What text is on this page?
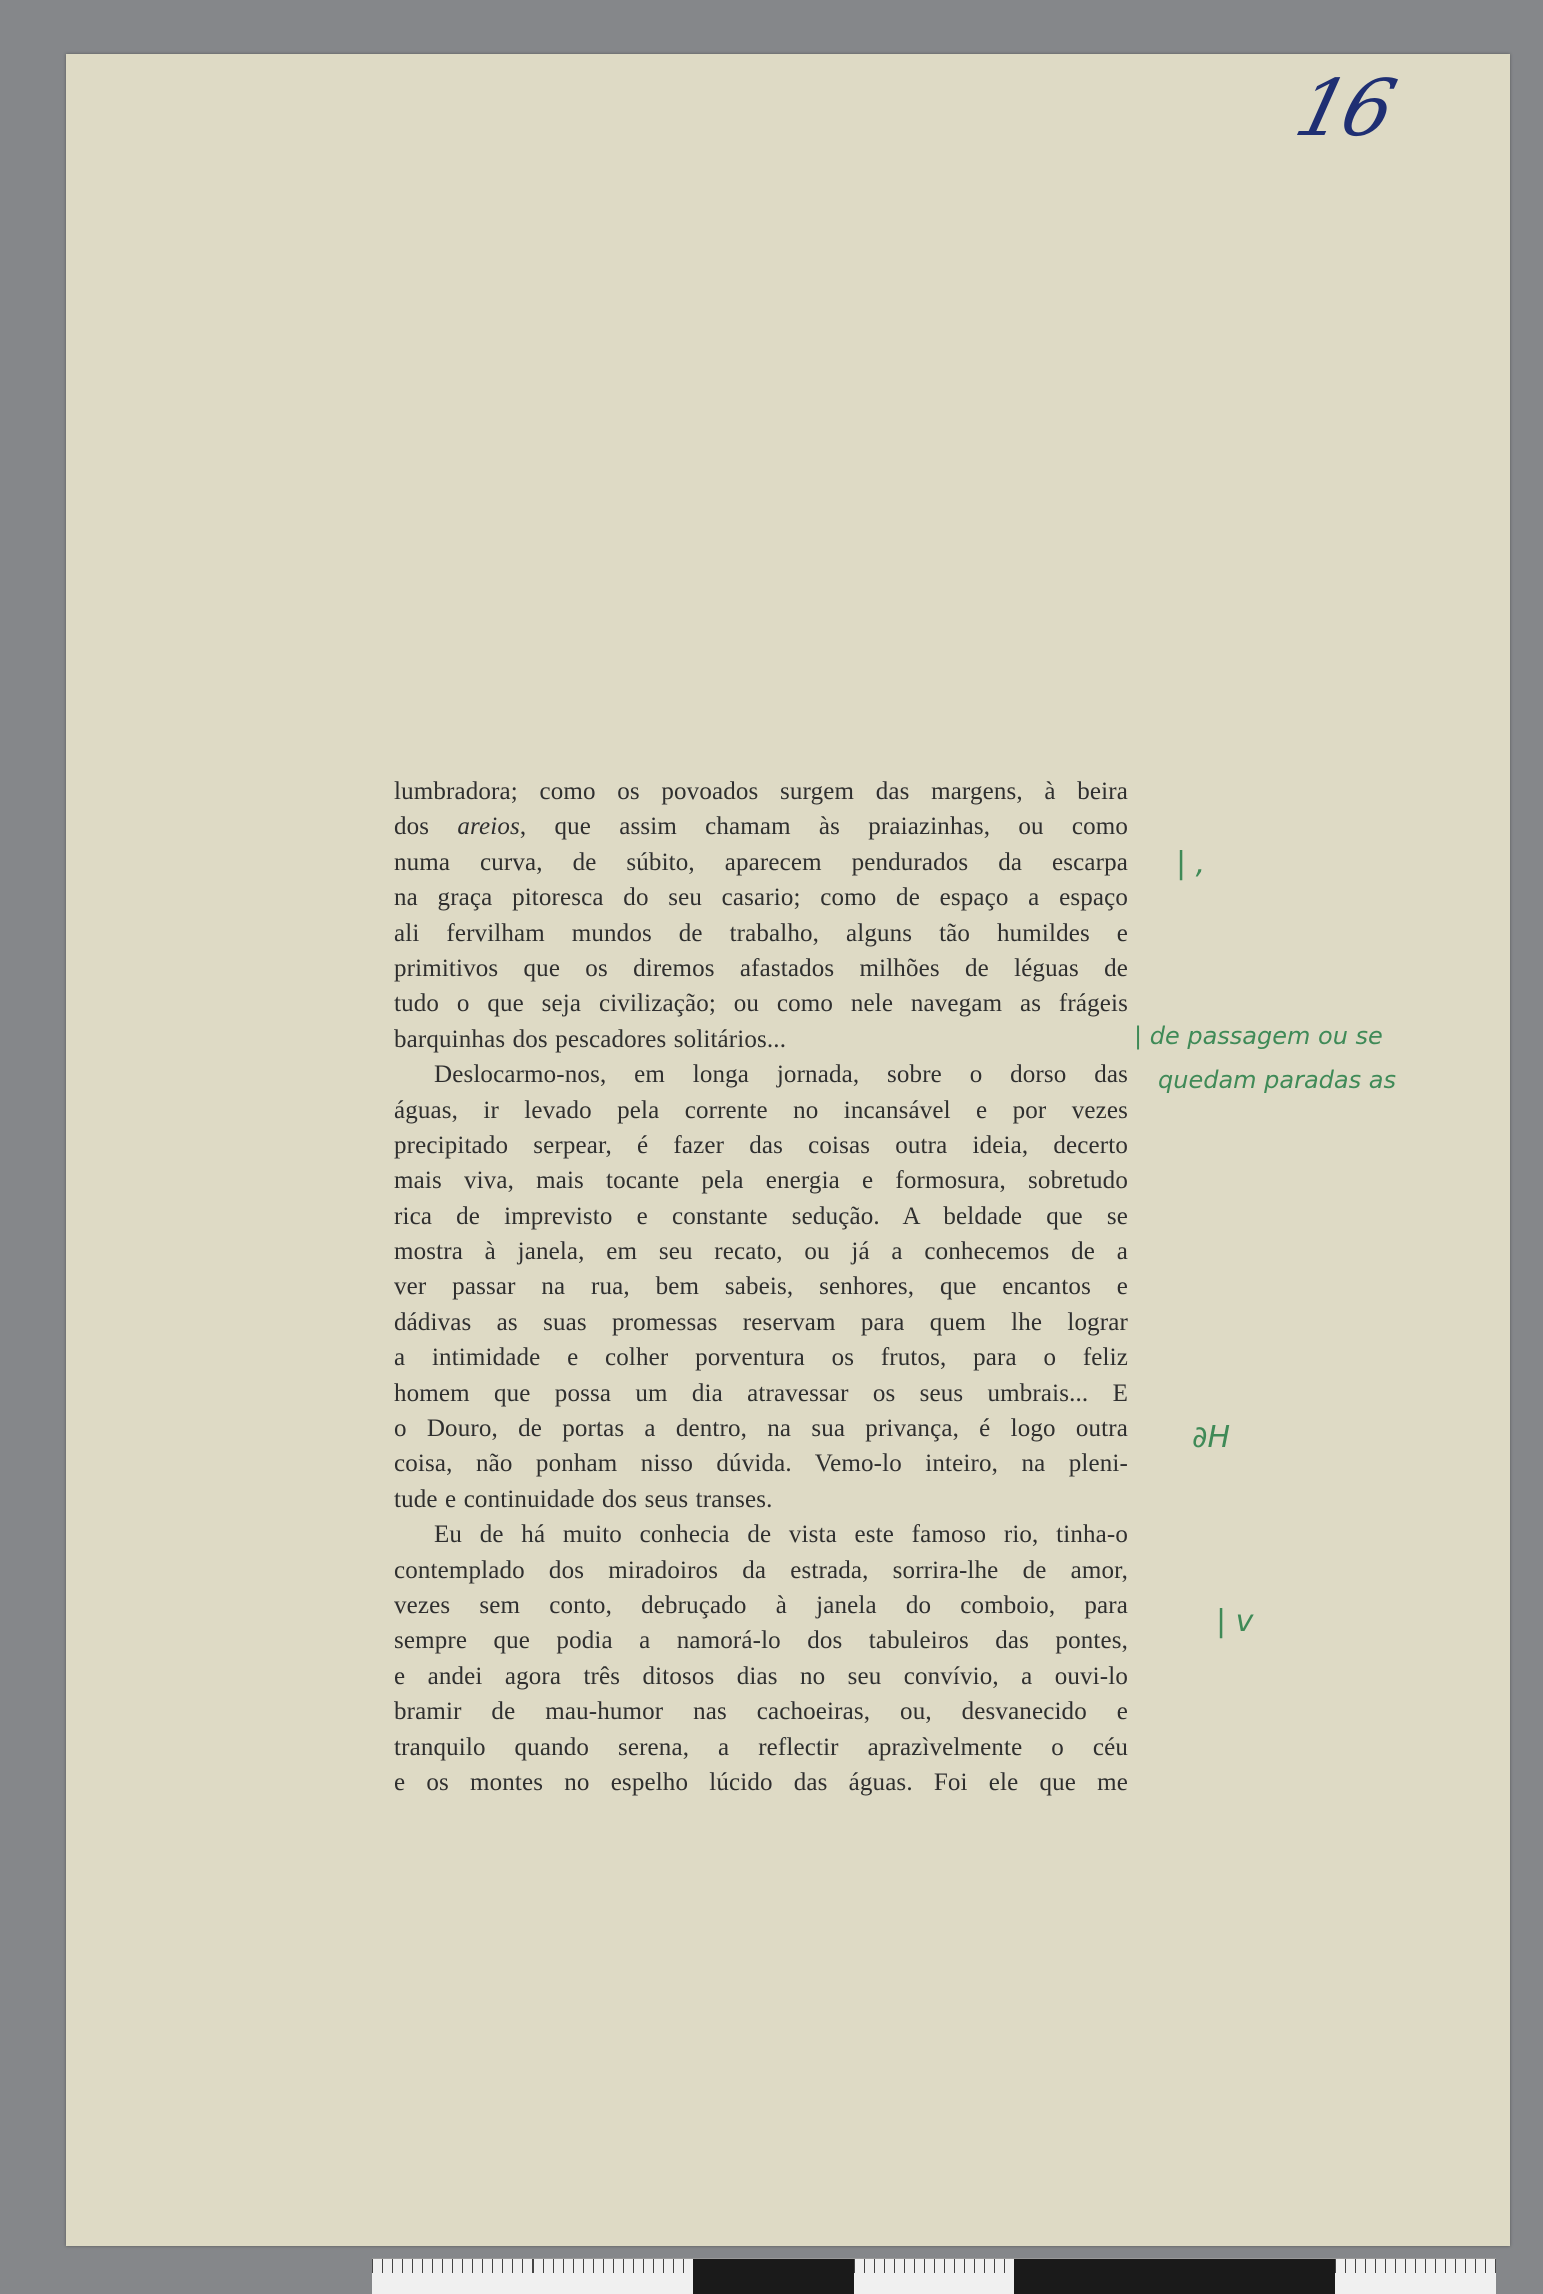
16
lumbradora; como os povoados surgem das margens, à beira
dos areios, que assim chamam às praiazinhas, ou como
numa curva, de súbito, aparecem pendurados da escarpa
na graça pitoresca do seu casario; como de espaço a espaço
ali fervilham mundos de trabalho, alguns tão humildes e
primitivos que os diremos afastados milhões de léguas de
tudo o que seja civilização; ou como nele navegam as frágeis
barquinhas dos pescadores solitários...
Deslocarmo-nos, em longa jornada, sobre o dorso das
águas, ir levado pela corrente no incansável e por vezes
precipitado serpear, é fazer das coisas outra ideia, decerto
mais viva, mais tocante pela energia e formosura, sobretudo
rica de imprevisto e constante sedução. A beldade que se
mostra à janela, em seu recato, ou já a conhecemos de a
ver passar na rua, bem sabeis, senhores, que encantos e
dádivas as suas promessas reservam para quem lhe lograr
a intimidade e colher porventura os frutos, para o feliz
homem que possa um dia atravessar os seus umbrais... E
o Douro, de portas a dentro, na sua privança, é logo outra
coisa, não ponham nisso dúvida. Vemo-lo inteiro, na pleni-
tude e continuidade dos seus transes.
Eu de há muito conhecia de vista este famoso rio, tinha-o
contemplado dos miradoiros da estrada, sorrira-lhe de amor,
vezes sem conto, debruçado à janela do comboio, para
sempre que podia a namorá-lo dos tabuleiros das pontes,
e andei agora três ditosos dias no seu convívio, a ouvi-lo
bramir de mau-humor nas cachoeiras, ou, desvanecido e
tranquilo quando serena, a reflectir aprazìvelmente o céu
e os montes no espelho lúcido das águas. Foi ele que me
| ,
| de passagem ou se
quedam paradas as
∂H
| v
